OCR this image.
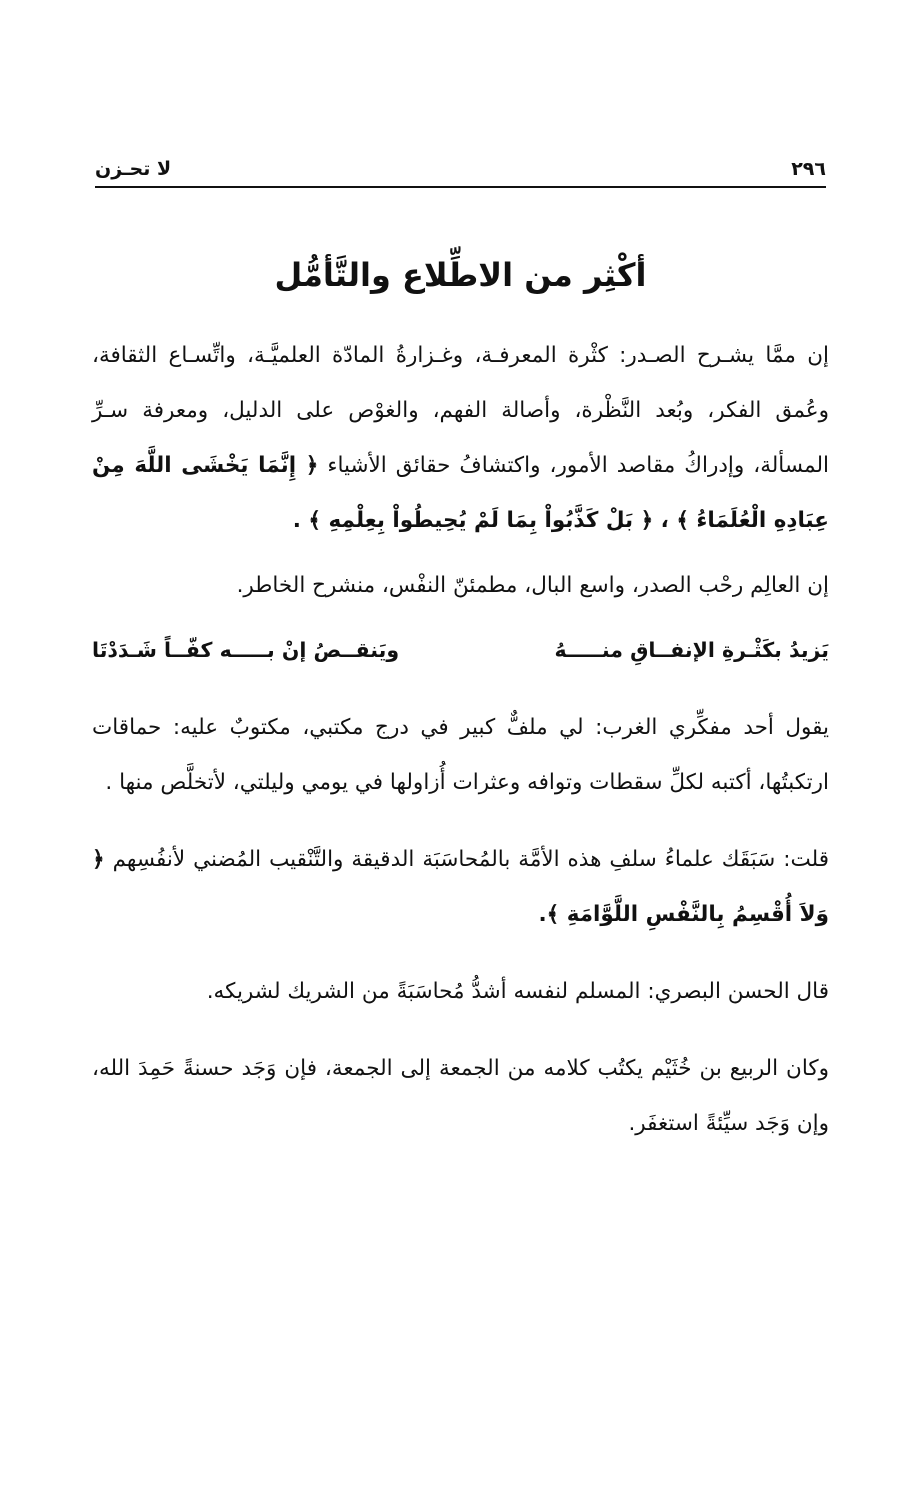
٢٩٦
لا تحـزن
أكْثِر من الاطِّلاع والتَّأمُّل

إن ممَّا يشـرح الصـدر: كثْرة المعرفـة، وغـزارةُ المادّة العلميَّـة، واتِّسـاع الثقافة، وعُمق الفكر، وبُعد النَّظْرة، وأصالة الفهم، والغوْص على الدليل، ومعرفة سـرِّ المسألة، وإدراكُ مقاصد الأمور، واكتشافُ حقائق الأشياء ﴿ إِنَّمَا يَخْشَى اللَّهَ مِنْ عِبَادِهِ الْعُلَمَاءُ ﴾ ، ﴿ بَلْ كَذَّبُواْ بِمَا لَمْ يُحِيطُواْ بِعِلْمِهِ ﴾ .

إن العالِم رحْب الصدر، واسع البال، مطمئنّ النفْس، منشرح الخاطر.

يَزيدُ بكَثْـرةِ الإنفــاقِ منـــــهُ
ويَنقــصُ إنْ بـــــه كفّــاً شَـدَدْتَا

يقول أحد مفكِّري الغرب: لي ملفٌّ كبير في درج مكتبي، مكتوبٌ عليه: حماقات ارتكبتُها، أكتبه لكلِّ سقطات وتوافه وعثرات أُزاولها في يومي وليلتي، لأتخلَّص منها .

قلت: سَبَقَك علماءُ سلفِ هذه الأمَّة بالمُحاسَبَة الدقيقة والتَّنْقيب المُضني لأنفُسِهم ﴿ وَلاَ أُقْسِمُ بِالنَّفْسِ اللَّوَّامَةِ ﴾.

قال الحسن البصري: المسلم لنفسه أشدُّ مُحاسَبَةً من الشريك لشريكه.

وكان الربيع بن خُثَيْم يكتُب كلامه من الجمعة إلى الجمعة، فإن وَجَد حسنةً حَمِدَ الله، وإن وَجَد سيِّئةً استغفَر.
